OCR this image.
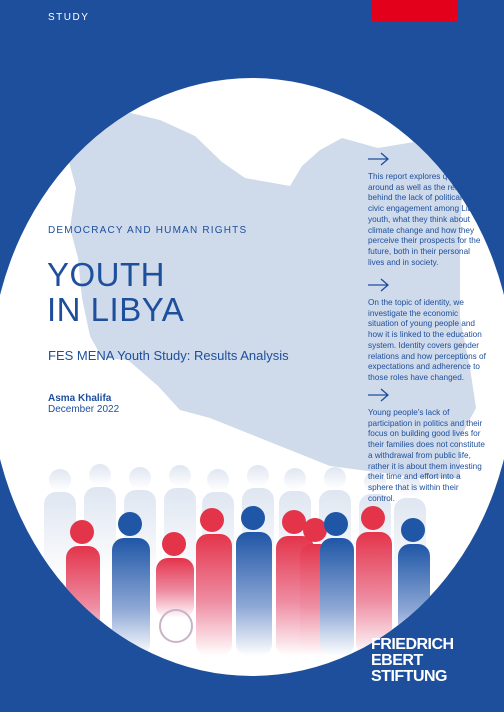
STUDY
DEMOCRACY AND HUMAN RIGHTS
YOUTH
IN LIBYA
FES MENA Youth Study: Results Analysis
Asma Khalifa
December 2022

This report explores questions around as well as the reasons behind the lack of political and civic engagement among Libyan youth, what they think about climate change and how they perceive their prospects for the future, both in their personal lives and in society.

On the topic of identity, we investigate the economic situation of young people and how it is linked to the education system. Identity covers gender relations and how perceptions of expectations and adherence to those roles have changed.

Young people's lack of participation in politics and their focus on building good lives for their families does not constitute a withdrawal from public life, rather it is about them investing their time and effort into a sphere that is within their control.

FRIEDRICH
EBERT
STIFTUNG
